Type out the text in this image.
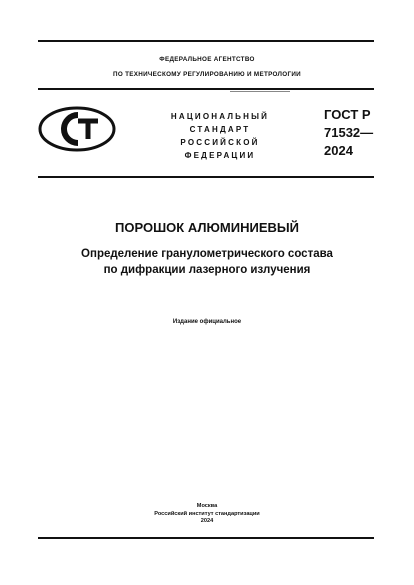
ФЕДЕРАЛЬНОЕ АГЕНТСТВО
ПО ТЕХНИЧЕСКОМУ РЕГУЛИРОВАНИЮ И МЕТРОЛОГИИ
НАЦИОНАЛЬНЫЙ
СТАНДАРТ
РОССИЙСКОЙ
ФЕДЕРАЦИИ
ГОСТ Р
71532—
2024
ПОРОШОК АЛЮМИНИЕВЫЙ
Определение гранулометрического состава
по дифракции лазерного излучения
Издание официальное
Москва
Российский институт стандартизации
2024
